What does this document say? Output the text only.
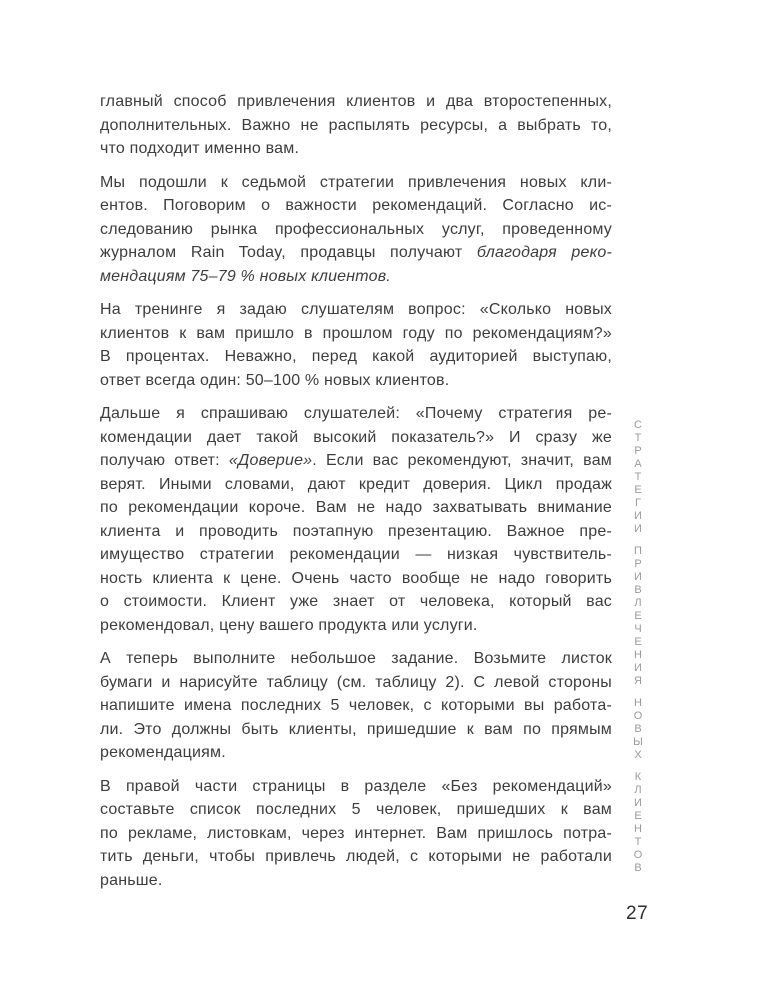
главный способ привлечения клиентов и два второстепенных,
дополнительных. Важно не распылять ресурсы, а выбрать то,
что подходит именно вам.
Мы подошли к седьмой стратегии привлечения новых кли-
ентов. Поговорим о важности рекомендаций. Согласно ис-
следованию рынка профессиональных услуг, проведенному
журналом Rain Today, продавцы получают благодаря реко-
мендациям 75–79 % новых клиентов.
На тренинге я задаю слушателям вопрос: «Сколько новых
клиентов к вам пришло в прошлом году по рекомендациям?»
В процентах. Неважно, перед какой аудиторией выступаю,
ответ всегда один: 50–100 % новых клиентов.
Дальше я спрашиваю слушателей: «Почему стратегия ре-
комендации дает такой высокий показатель?» И сразу же
получаю ответ: «Доверие». Если вас рекомендуют, значит, вам
верят. Иными словами, дают кредит доверия. Цикл продаж
по рекомендации короче. Вам не надо захватывать внимание
клиента и проводить поэтапную презентацию. Важное пре-
имущество стратегии рекомендации — низкая чувствитель-
ность клиента к цене. Очень часто вообще не надо говорить
о стоимости. Клиент уже знает от человека, который вас
рекомендовал, цену вашего продукта или услуги.
А теперь выполните небольшое задание. Возьмите листок
бумаги и нарисуйте таблицу (см. таблицу 2). С левой стороны
напишите имена последних 5 человек, с которыми вы работа-
ли. Это должны быть клиенты, пришедшие к вам по прямым
рекомендациям.
В правой части страницы в разделе «Без рекомендаций»
составьте список последних 5 человек, пришедших к вам
по рекламе, листовкам, через интернет. Вам пришлось потра-
тить деньги, чтобы привлечь людей, с которыми не работали
раньше.
С
Т
Р
А
Т
Е
Г
И
И
П
Р
И
В
Л
Е
Ч
Е
Н
И
Я
Н
О
В
Ы
Х
К
Л
И
Е
Н
Т
О
В
27
